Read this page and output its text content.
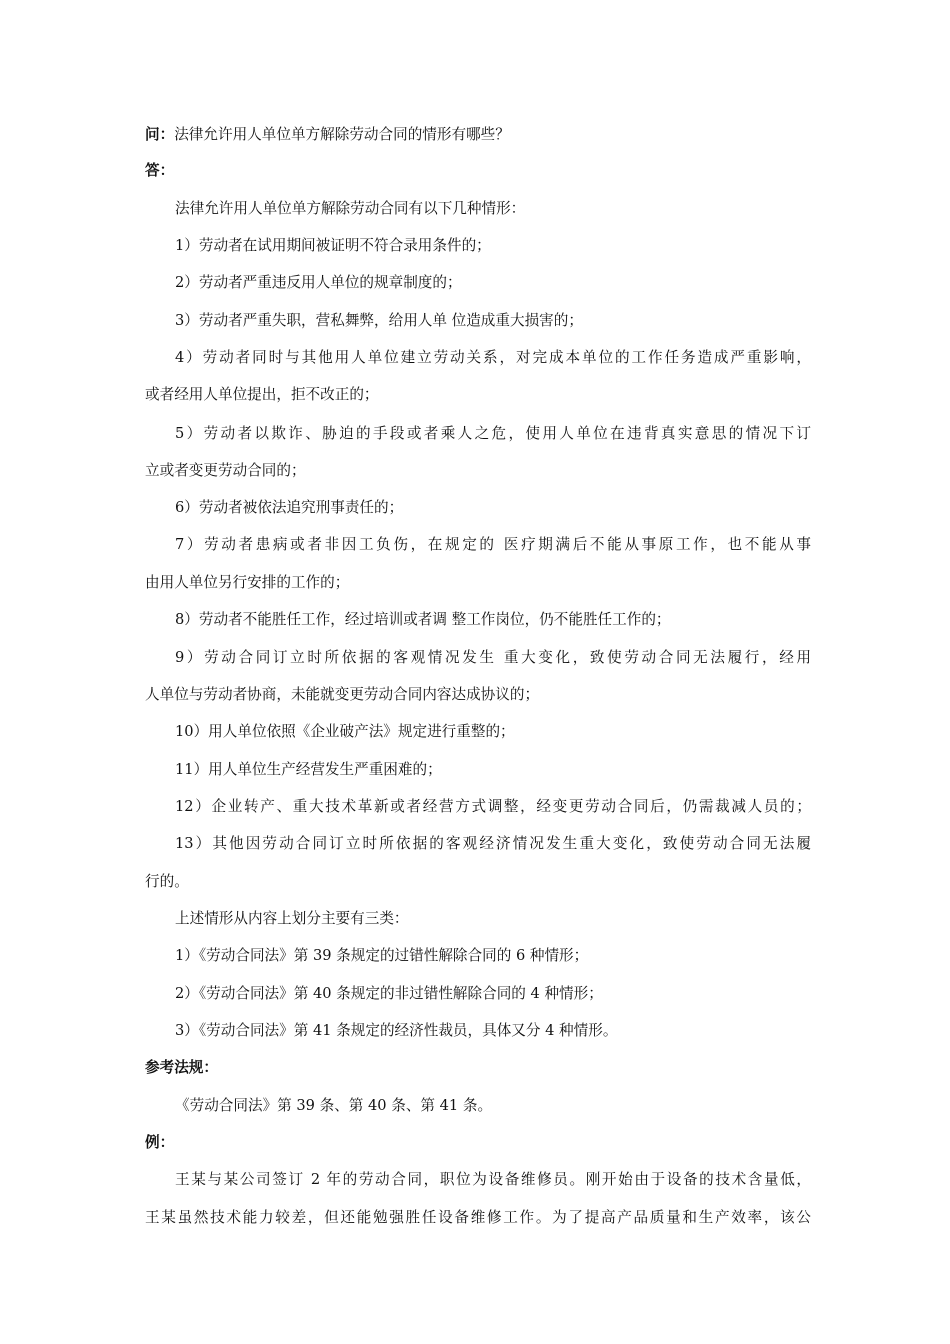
问：法律允许用人单位单方解除劳动合同的情形有哪些？
答：
法律允许用人单位单方解除劳动合同有以下几种情形：
1）劳动者在试用期间被证明不符合录用条件的；
2）劳动者严重违反用人单位的规章制度的；
3）劳动者严重失职，营私舞弊，给用人单 位造成重大损害的；
4）劳动者同时与其他用人单位建立劳动关系，对完成本单位的工作任务造成严重影响，
或者经用人单位提出，拒不改正的；
5）劳动者以欺诈、胁迫的手段或者乘人之危，使用人单位在违背真实意思的情况下订
立或者变更劳动合同的；
6）劳动者被依法追究刑事责任的；
7）劳动者患病或者非因工负伤，在规定的 医疗期满后不能从事原工作，也不能从事
由用人单位另行安排的工作的；
8）劳动者不能胜任工作，经过培训或者调 整工作岗位，仍不能胜任工作的；
9）劳动合同订立时所依据的客观情况发生 重大变化，致使劳动合同无法履行，经用
人单位与劳动者协商，未能就变更劳动合同内容达成协议的；
10）用人单位依照《企业破产法》规定进行重整的；
11）用人单位生产经营发生严重困难的；
12）企业转产、重大技术革新或者经营方式调整，经变更劳动合同后，仍需裁减人员的；
13）其他因劳动合同订立时所依据的客观经济情况发生重大变化，致使劳动合同无法履
行的。
上述情形从内容上划分主要有三类：
1）《劳动合同法》第 39 条规定的过错性解除合同的 6 种情形；
2）《劳动合同法》第 40 条规定的非过错性解除合同的 4 种情形；
3）《劳动合同法》第 41 条规定的经济性裁员，具体又分 4 种情形。
参考法规：
《劳动合同法》第 39 条、第 40 条、第 41 条。
例：
王某与某公司签订 2 年的劳动合同，职位为设备维修员。刚开始由于设备的技术含量低，
王某虽然技术能力较差，但还能勉强胜任设备维修工作。为了提高产品质量和生产效率，该公
